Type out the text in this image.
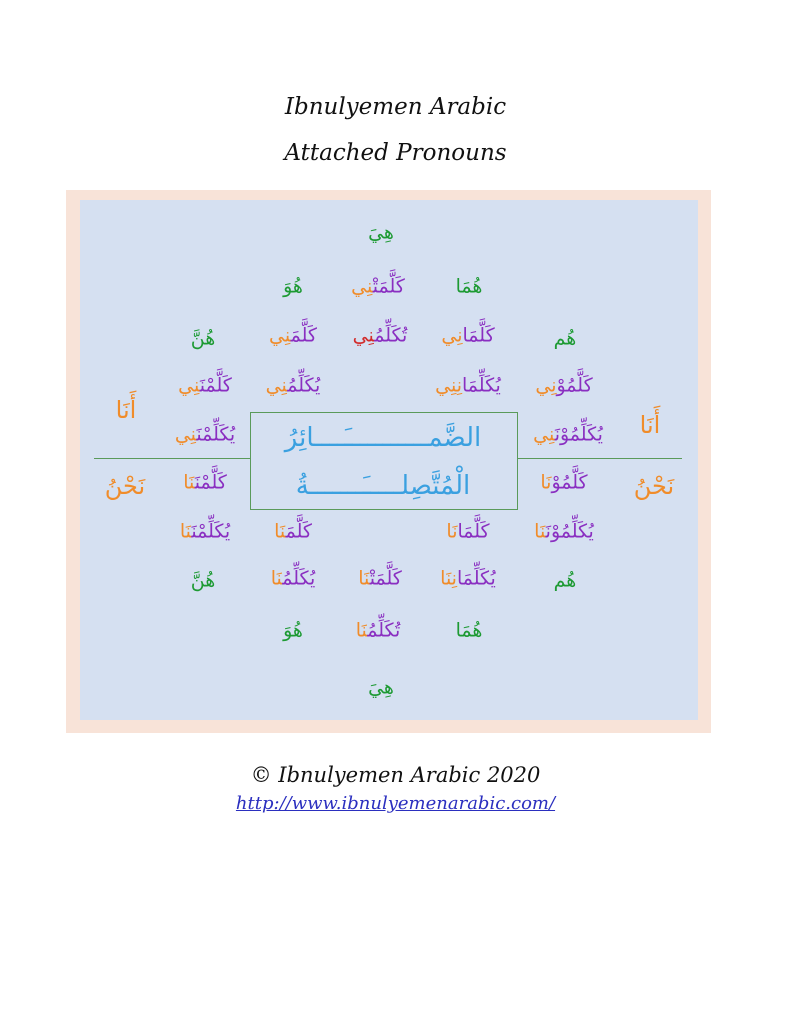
Ibnulyemen Arabic
Attached Pronouns
الضَّمـــــــــــَــــائِرُ
الْمُتَّصِلـــــَـــــــةُ
هِيَ
هُمَا
كَلَّمَتْنِي
هُوَ
هُم
كَلَّمَانِي
تُكَلِّمُنِي
كَلَّمَنِي
هُنَّ
كَلَّمُوْنِي
يُكَلِّمَانِنِي
يُكَلِّمُنِي
كَلَّمْنَنِي
أَنَا
يُكَلِّمُوْنَنِي
يُكَلِّمْنَنِي
أَنَا
نَحْنُ
كَلَّمُوْنَا
كَلَّمْنَنَا
نَحْنُ
يُكَلِّمُوْنَنَا
كَلَّمَانَا
كَلَّمَنَا
يُكَلِّمْنَنَا
هُم
يُكَلِّمَانِنَا
كَلَّمَتْنَا
يُكَلِّمُنَا
هُنَّ
هُمَا
تُكَلِّمُنَا
هُوَ
هِيَ
© Ibnulyemen Arabic 2020
http://www.ibnulyemenarabic.com/
